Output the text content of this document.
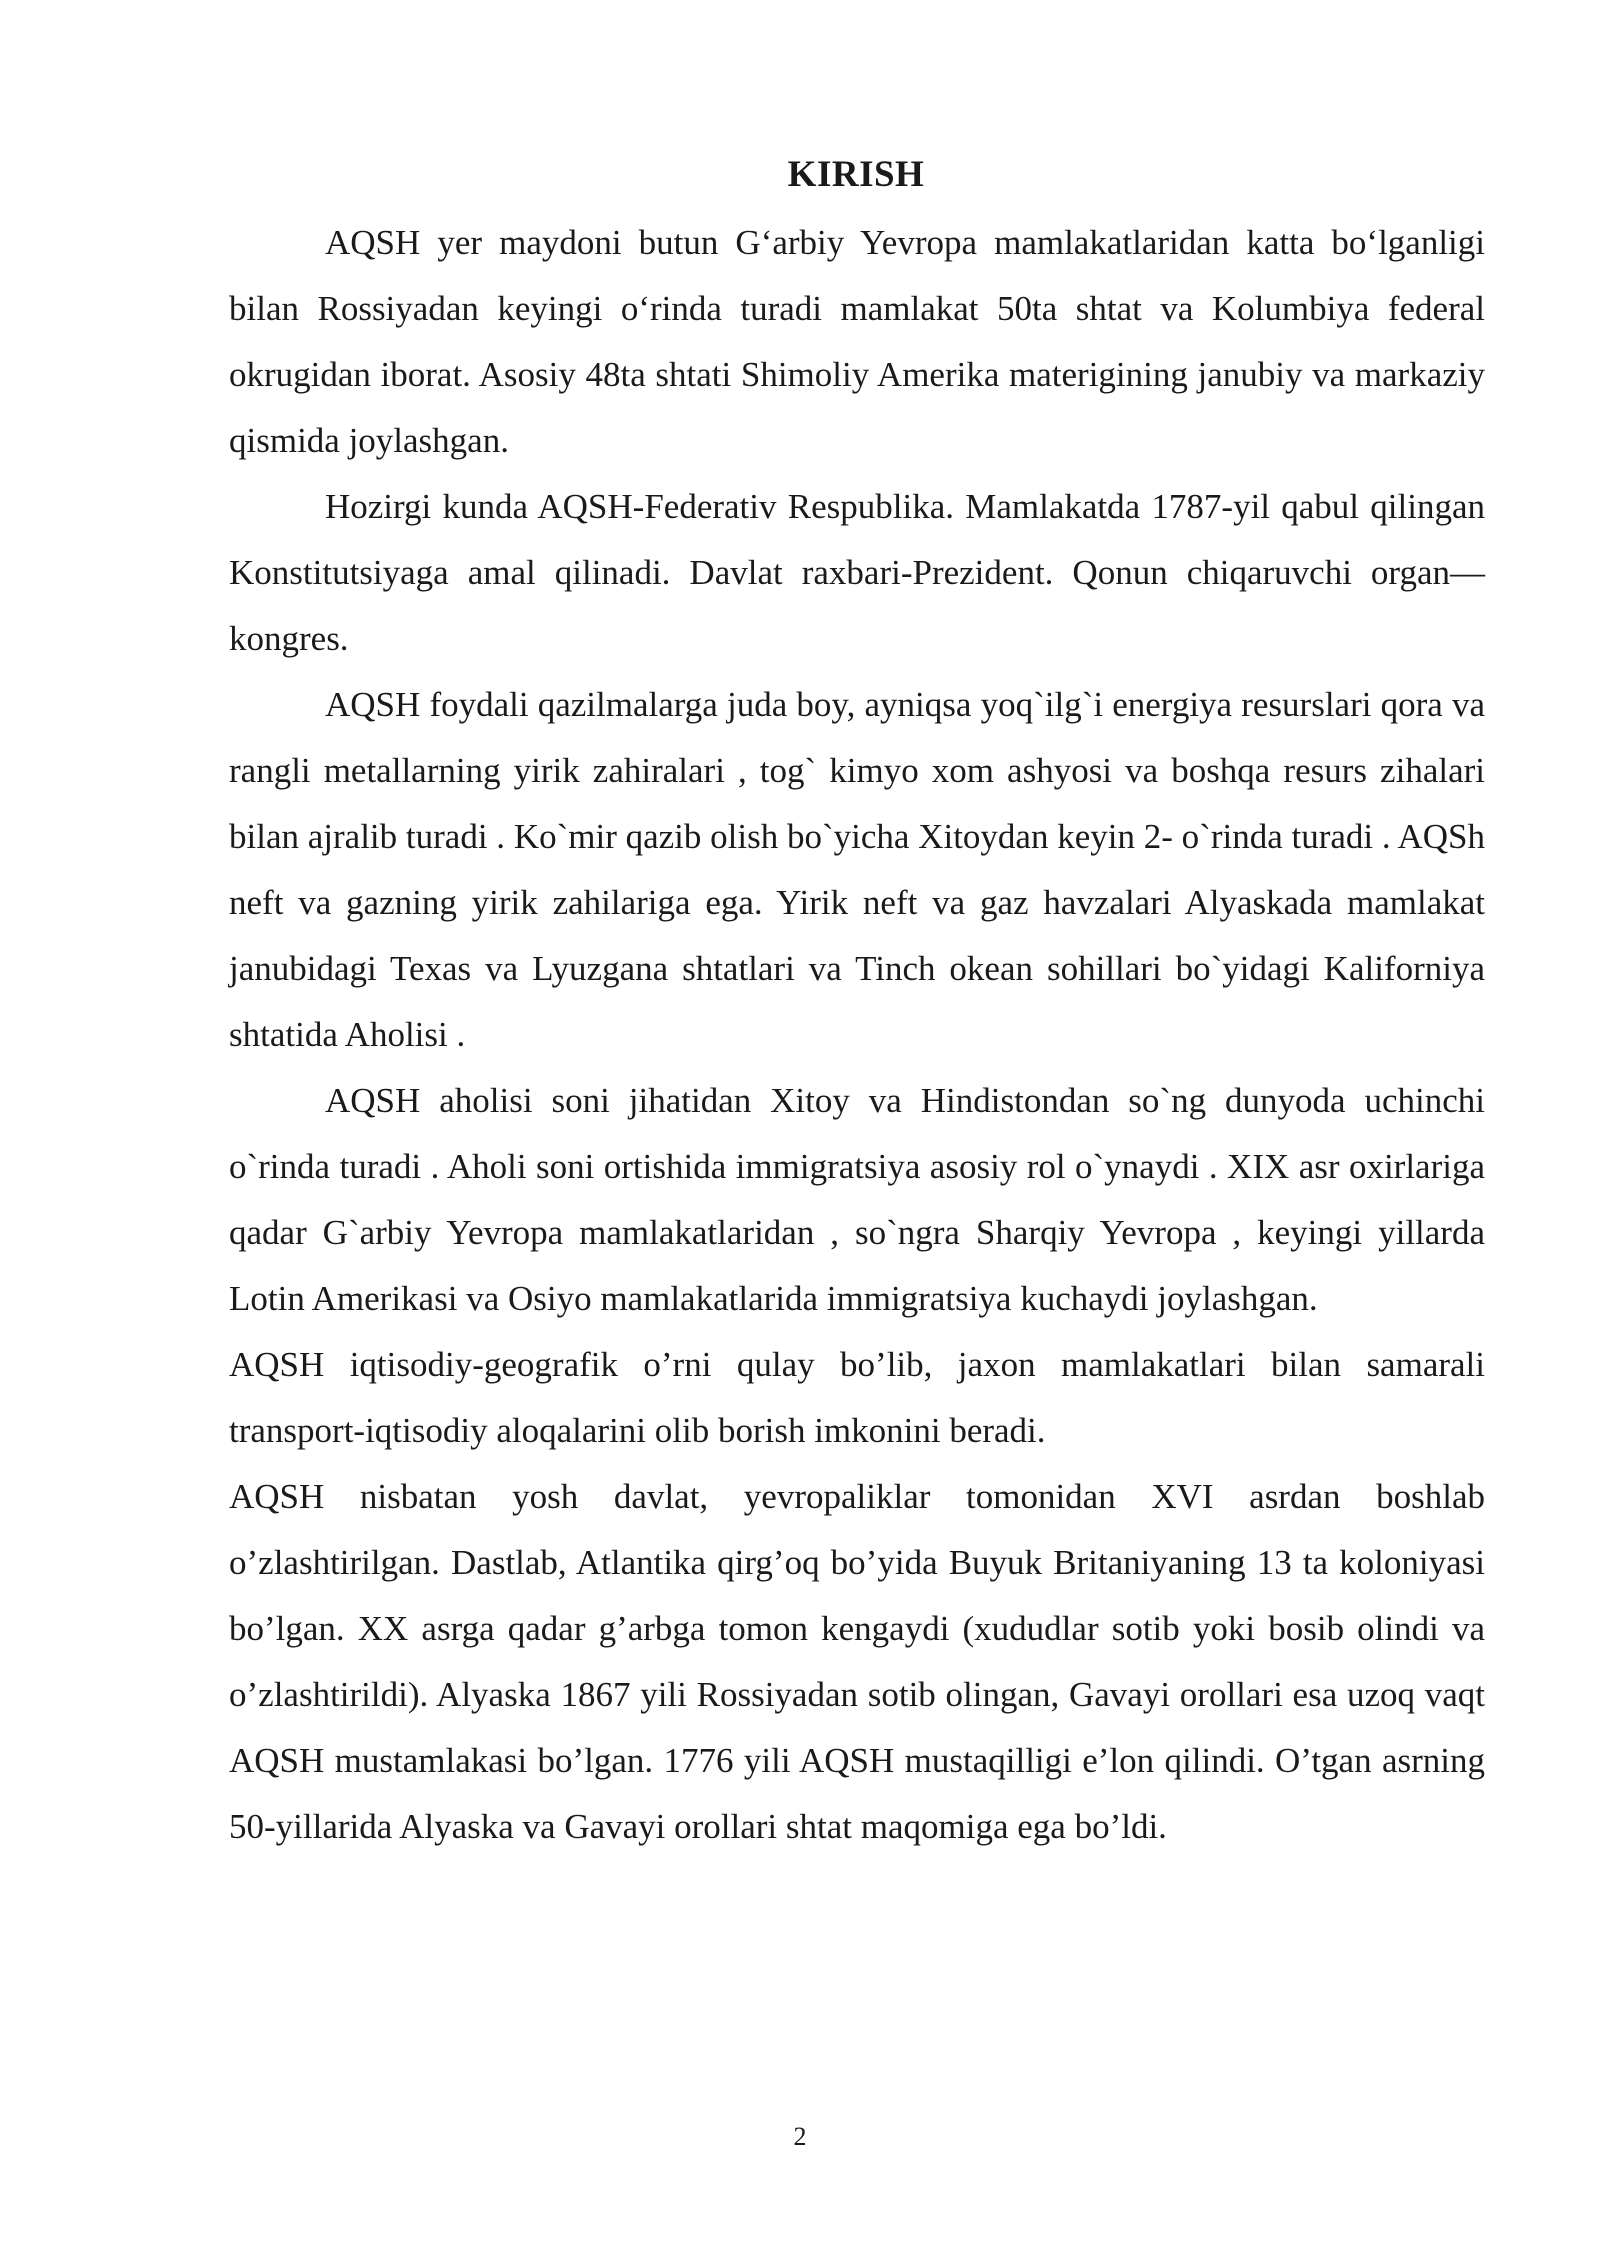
KIRISH

AQSH yer maydoni butun G‘arbiy Yevropa mamlakatlaridan katta bo‘lganligi bilan Rossiyadan keyingi o‘rinda turadi mamlakat 50ta shtat va Kolumbiya federal okrugidan iborat. Asosiy 48ta shtati Shimoliy Amerika materigining janubiy va markaziy qismida joylashgan.

Hozirgi kunda AQSH-Federativ Respublika. Mamlakatda 1787-yil qabul qilingan Konstitutsiyaga amal qilinadi. Davlat raxbari-Prezident. Qonun chiqaruvchi organ—kongres.

AQSH foydali qazilmalarga juda boy, ayniqsa yoq`ilg`i energiya resurslari qora va rangli metallarning yirik zahiralari , tog` kimyo xom ashyosi va boshqa resurs zihalari bilan ajralib turadi . Ko`mir qazib olish bo`yicha Xitoydan keyin 2- o`rinda turadi . AQSh neft va gazning yirik zahilariga ega. Yirik neft va gaz havzalari Alyaskada mamlakat janubidagi Texas va Lyuzgana shtatlari va Tinch okean sohillari bo`yidagi Kaliforniya shtatida Aholisi .

AQSH aholisi soni jihatidan Xitoy va Hindistondan so`ng dunyoda uchinchi o`rinda turadi . Aholi soni ortishida immigratsiya asosiy rol o`ynaydi . XIX asr oxirlariga qadar G`arbiy Yevropa mamlakatlaridan , so`ngra Sharqiy Yevropa , keyingi yillarda Lotin Amerikasi va Osiyo mamlakatlarida immigratsiya kuchaydi joylashgan.

AQSH iqtisodiy-geografik o’rni qulay bo’lib, jaxon mamlakatlari bilan samarali transport-iqtisodiy aloqalarini olib borish imkonini beradi.

AQSH nisbatan yosh davlat, yevropaliklar tomonidan XVI asrdan boshlab o’zlashtirilgan. Dastlab, Atlantika qirg’oq bo’yida Buyuk Britaniyaning 13 ta koloniyasi bo’lgan. XX asrga qadar g’arbga tomon kengaydi (xududlar sotib yoki bosib olindi va o’zlashtirildi). Alyaska 1867 yili Rossiyadan sotib olingan, Gavayi orollari esa uzoq vaqt AQSH mustamlakasi bo’lgan. 1776 yili AQSH mustaqilligi e’lon qilindi. O’tgan asrning 50-yillarida Alyaska va Gavayi orollari shtat maqomiga ega bo’ldi.

2
